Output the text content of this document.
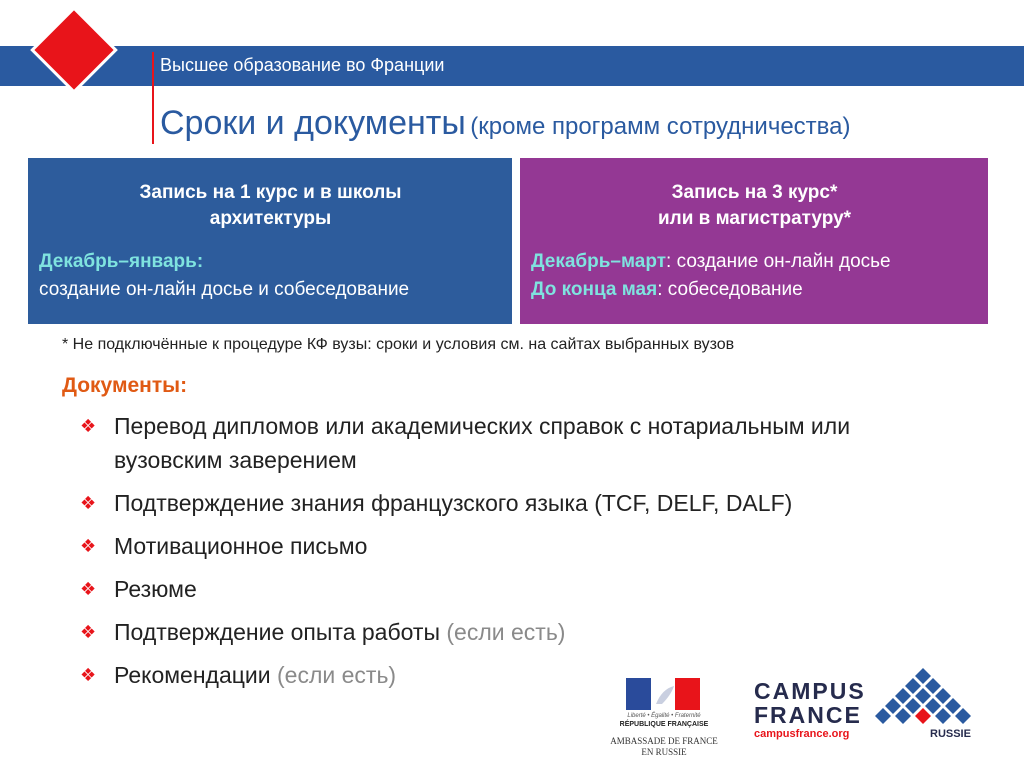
Высшее образование во Франции
Сроки и документы (кроме программ сотрудничества)
Запись на 1 курс и в школы
архитектуры
Декабрь–январь:
создание он-лайн досье и собеседование
Запись на 3 курс*
или в магистратуру*
Декабрь–март: создание он-лайн досье
До конца мая: собеседование
* Не подключённые к процедуре КФ вузы: сроки и условия см. на сайтах выбранных вузов
Документы:
❖ Перевод дипломов или академических справок с нотариальным или вузовским заверением
❖ Подтверждение знания французского языка (TCF, DELF, DALF)
❖ Мотивационное письмо
❖ Резюме
❖ Подтверждение опыта работы (если есть)
❖ Рекомендации (если есть)
Liberté • Égalité • Fraternité
RÉPUBLIQUE FRANÇAISE
AMBASSADE DE FRANCE
EN RUSSIE
CAMPUS
FRANCE
campusfrance.org	RUSSIE
